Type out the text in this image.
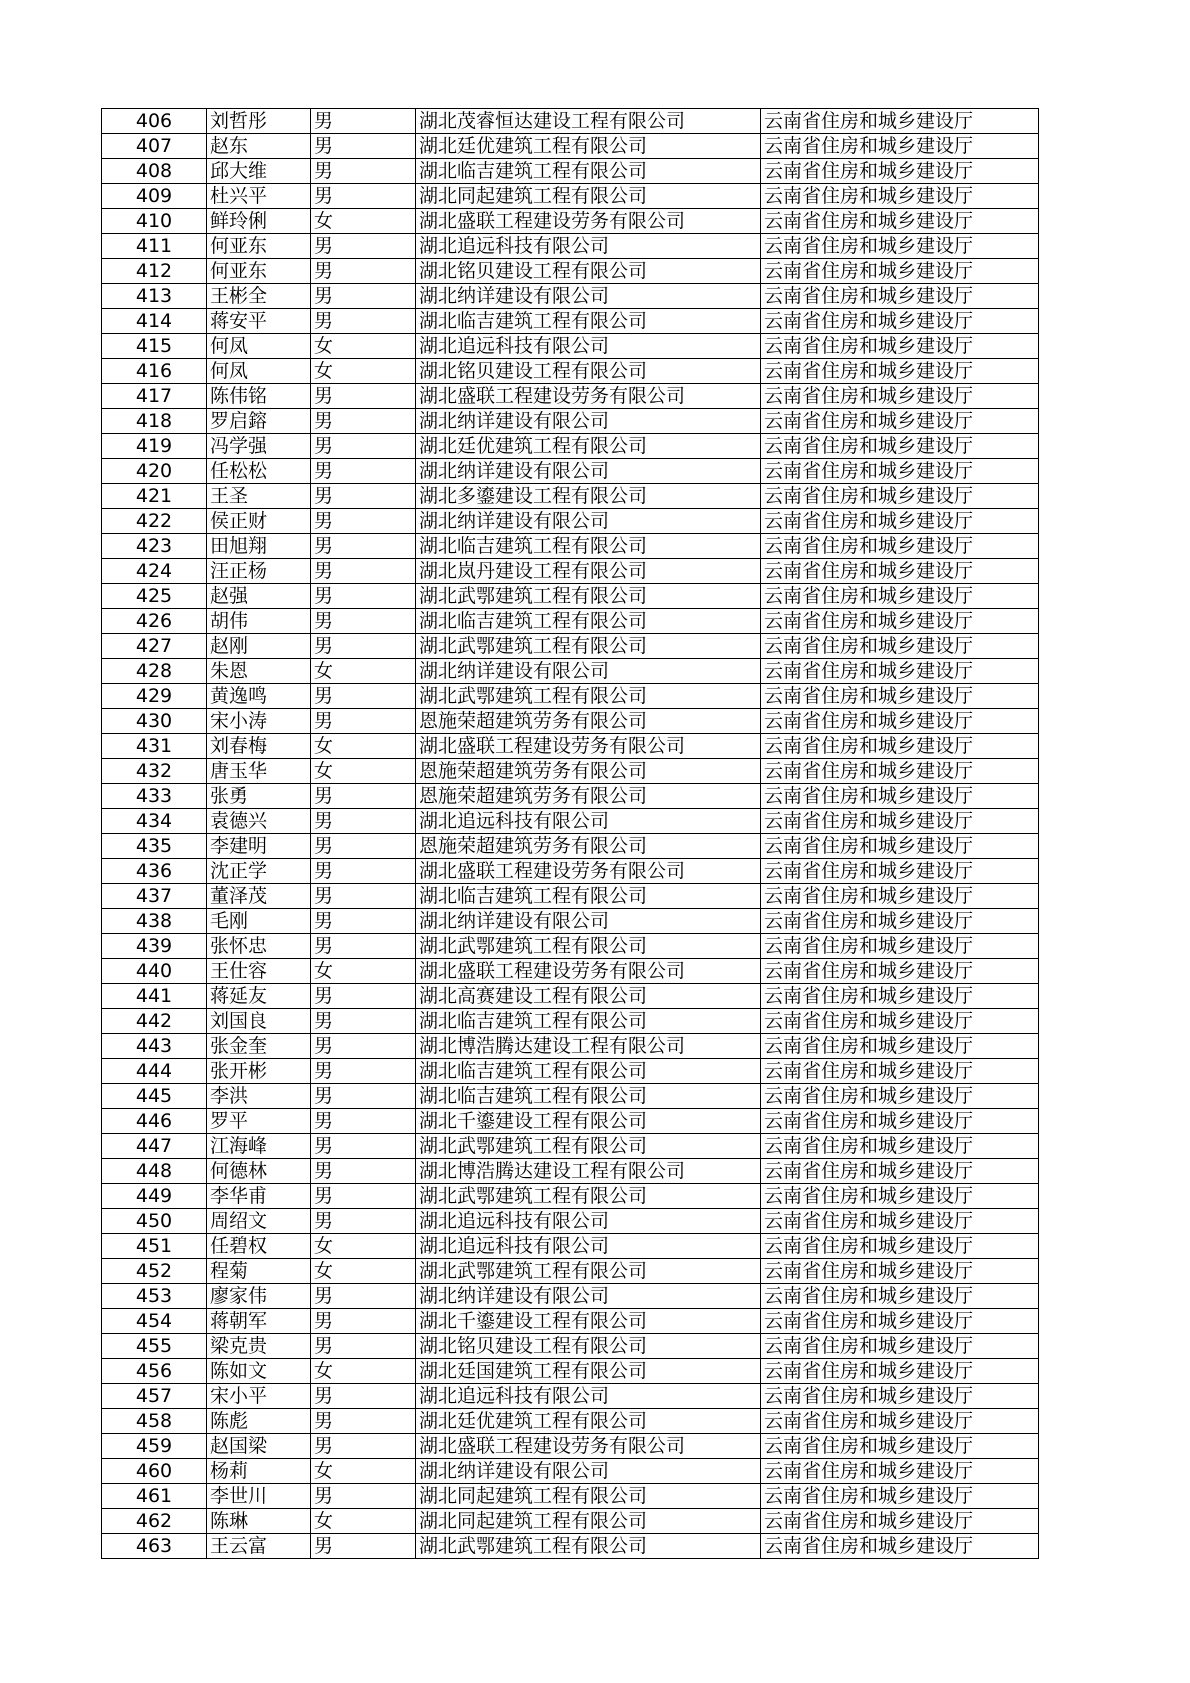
406	刘哲彤	男	湖北茂睿恒达建设工程有限公司	云南省住房和城乡建设厅
407	赵东	男	湖北廷优建筑工程有限公司	云南省住房和城乡建设厅
408	邱大维	男	湖北临吉建筑工程有限公司	云南省住房和城乡建设厅
409	杜兴平	男	湖北同起建筑工程有限公司	云南省住房和城乡建设厅
410	鲜玲俐	女	湖北盛联工程建设劳务有限公司	云南省住房和城乡建设厅
411	何亚东	男	湖北追远科技有限公司	云南省住房和城乡建设厅
412	何亚东	男	湖北铭贝建设工程有限公司	云南省住房和城乡建设厅
413	王彬全	男	湖北纳详建设有限公司	云南省住房和城乡建设厅
414	蒋安平	男	湖北临吉建筑工程有限公司	云南省住房和城乡建设厅
415	何凤	女	湖北追远科技有限公司	云南省住房和城乡建设厅
416	何凤	女	湖北铭贝建设工程有限公司	云南省住房和城乡建设厅
417	陈伟铭	男	湖北盛联工程建设劳务有限公司	云南省住房和城乡建设厅
418	罗启鎔	男	湖北纳详建设有限公司	云南省住房和城乡建设厅
419	冯学强	男	湖北廷优建筑工程有限公司	云南省住房和城乡建设厅
420	任松松	男	湖北纳详建设有限公司	云南省住房和城乡建设厅
421	王圣	男	湖北多鎏建设工程有限公司	云南省住房和城乡建设厅
422	侯正财	男	湖北纳详建设有限公司	云南省住房和城乡建设厅
423	田旭翔	男	湖北临吉建筑工程有限公司	云南省住房和城乡建设厅
424	汪正杨	男	湖北岚丹建设工程有限公司	云南省住房和城乡建设厅
425	赵强	男	湖北武鄂建筑工程有限公司	云南省住房和城乡建设厅
426	胡伟	男	湖北临吉建筑工程有限公司	云南省住房和城乡建设厅
427	赵刚	男	湖北武鄂建筑工程有限公司	云南省住房和城乡建设厅
428	朱恩	女	湖北纳详建设有限公司	云南省住房和城乡建设厅
429	黄逸鸣	男	湖北武鄂建筑工程有限公司	云南省住房和城乡建设厅
430	宋小涛	男	恩施荣超建筑劳务有限公司	云南省住房和城乡建设厅
431	刘春梅	女	湖北盛联工程建设劳务有限公司	云南省住房和城乡建设厅
432	唐玉华	女	恩施荣超建筑劳务有限公司	云南省住房和城乡建设厅
433	张勇	男	恩施荣超建筑劳务有限公司	云南省住房和城乡建设厅
434	袁德兴	男	湖北追远科技有限公司	云南省住房和城乡建设厅
435	李建明	男	恩施荣超建筑劳务有限公司	云南省住房和城乡建设厅
436	沈正学	男	湖北盛联工程建设劳务有限公司	云南省住房和城乡建设厅
437	董泽茂	男	湖北临吉建筑工程有限公司	云南省住房和城乡建设厅
438	毛刚	男	湖北纳详建设有限公司	云南省住房和城乡建设厅
439	张怀忠	男	湖北武鄂建筑工程有限公司	云南省住房和城乡建设厅
440	王仕容	女	湖北盛联工程建设劳务有限公司	云南省住房和城乡建设厅
441	蒋延友	男	湖北高赛建设工程有限公司	云南省住房和城乡建设厅
442	刘国良	男	湖北临吉建筑工程有限公司	云南省住房和城乡建设厅
443	张金奎	男	湖北博浩腾达建设工程有限公司	云南省住房和城乡建设厅
444	张开彬	男	湖北临吉建筑工程有限公司	云南省住房和城乡建设厅
445	李洪	男	湖北临吉建筑工程有限公司	云南省住房和城乡建设厅
446	罗平	男	湖北千鎏建设工程有限公司	云南省住房和城乡建设厅
447	江海峰	男	湖北武鄂建筑工程有限公司	云南省住房和城乡建设厅
448	何德林	男	湖北博浩腾达建设工程有限公司	云南省住房和城乡建设厅
449	李华甫	男	湖北武鄂建筑工程有限公司	云南省住房和城乡建设厅
450	周绍文	男	湖北追远科技有限公司	云南省住房和城乡建设厅
451	任碧权	女	湖北追远科技有限公司	云南省住房和城乡建设厅
452	程菊	女	湖北武鄂建筑工程有限公司	云南省住房和城乡建设厅
453	廖家伟	男	湖北纳详建设有限公司	云南省住房和城乡建设厅
454	蒋朝军	男	湖北千鎏建设工程有限公司	云南省住房和城乡建设厅
455	梁克贵	男	湖北铭贝建设工程有限公司	云南省住房和城乡建设厅
456	陈如文	女	湖北廷国建筑工程有限公司	云南省住房和城乡建设厅
457	宋小平	男	湖北追远科技有限公司	云南省住房和城乡建设厅
458	陈彪	男	湖北廷优建筑工程有限公司	云南省住房和城乡建设厅
459	赵国梁	男	湖北盛联工程建设劳务有限公司	云南省住房和城乡建设厅
460	杨莉	女	湖北纳详建设有限公司	云南省住房和城乡建设厅
461	李世川	男	湖北同起建筑工程有限公司	云南省住房和城乡建设厅
462	陈琳	女	湖北同起建筑工程有限公司	云南省住房和城乡建设厅
463	王云富	男	湖北武鄂建筑工程有限公司	云南省住房和城乡建设厅
